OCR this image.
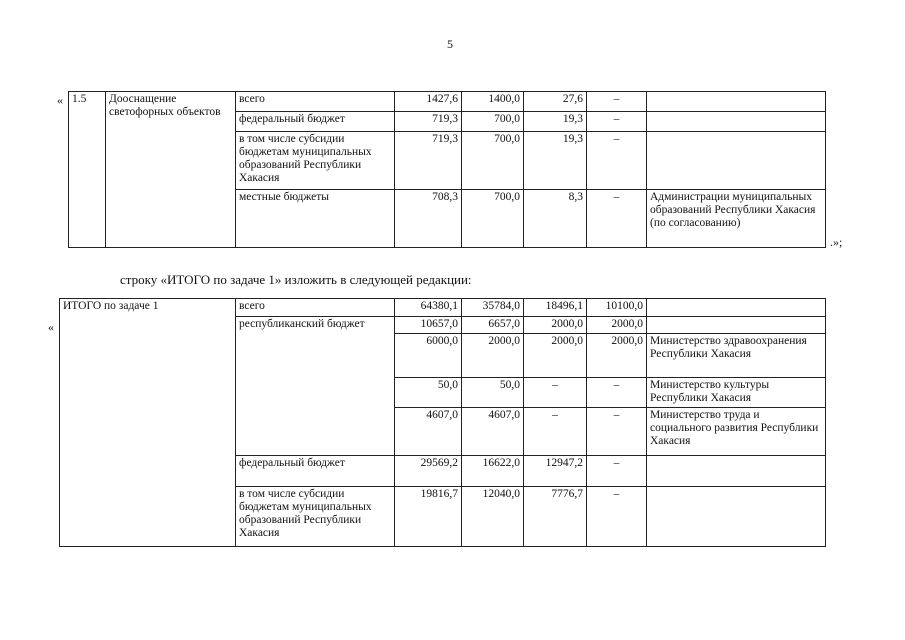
5
« 1.5	Дооснащение светофорных объектов	всего	1427,6	1400,0	27,6	–	
		федеральный бюджет	719,3	700,0	19,3	–	
		в том числе субсидии бюджетам муниципальных образований Республики Хакасия	719,3	700,0	19,3	–	
		местные бюджеты	708,3	700,0	8,3	–	Администрации муниципальных образований Республики Хакасия (по согласованию)
.»;
строку «ИТОГО по задаче 1» изложить в следующей редакции:
«
ИТОГО по задаче 1	всего	64380,1	35784,0	18496,1	10100,0	
	республиканский бюджет	10657,0	6657,0	2000,0	2000,0	
		6000,0	2000,0	2000,0	2000,0	Министерство здравоохранения Республики Хакасия
		50,0	50,0	–	–	Министерство культуры Республики Хакасия
		4607,0	4607,0	–	–	Министерство труда и социального развития Республики Хакасия
	федеральный бюджет	29569,2	16622,0	12947,2	–	
	в том числе субсидии бюджетам муниципальных образований Республики Хакасия	19816,7	12040,0	7776,7	–	
